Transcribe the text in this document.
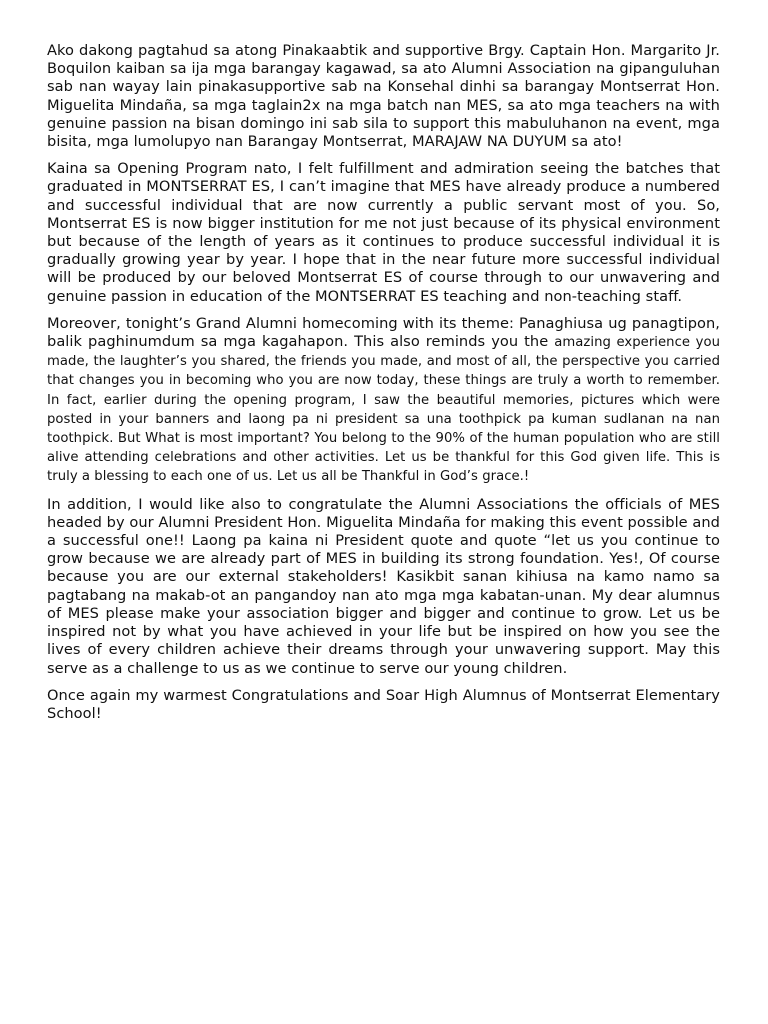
Ako dakong pagtahud sa atong Pinakaabtik and supportive Brgy. Captain Hon. Margarito Jr. Boquilon kaiban sa ija mga barangay kagawad, sa ato Alumni Association na gipanguluhan sab nan wayay lain pinakasupportive sab na Konsehal dinhi sa barangay Montserrat Hon. Miguelita Mindaña, sa mga taglain2x na mga batch nan MES, sa ato mga teachers na with genuine passion na bisan domingo ini sab sila to support this mabuluhanon na event, mga bisita, mga lumolupyo nan Barangay Montserrat, MARAJAW NA DUYUM sa ato!

Kaina sa Opening Program nato, I felt fulfillment and admiration seeing the batches that graduated in MONTSERRAT ES, I can’t imagine that MES have already produce a numbered and successful individual that are now currently a public servant most of you. So, Montserrat ES is now bigger institution for me not just because of its physical environment but because of the length of years as it continues to produce successful individual it is gradually growing year by year. I hope that in the near future more successful individual will be produced by our beloved Montserrat ES of course through to our unwavering and genuine passion in education of the MONTSERRAT ES teaching and non-teaching staff.

Moreover, tonight’s Grand Alumni homecoming with its theme: Panaghiusa ug panagtipon, balik paghinumdum sa mga kagahapon. This also reminds you the amazing experience you made, the laughter’s you shared, the friends you made, and most of all, the perspective you carried that changes you in becoming who you are now today, these things are truly a worth to remember. In fact, earlier during the opening program, I saw the beautiful memories, pictures which were posted in your banners and laong pa ni president sa una toothpick pa kuman sudlanan na nan toothpick. But What is most important? You belong to the 90% of the human population who are still alive attending celebrations and other activities. Let us be thankful for this God given life. This is truly a blessing to each one of us. Let us all be Thankful in God’s grace.!

In addition, I would like also to congratulate the Alumni Associations the officials of MES headed by our Alumni President Hon. Miguelita Mindaña for making this event possible and a successful one!! Laong pa kaina ni President quote and quote “let us you continue to grow because we are already part of MES in building its strong foundation. Yes!, Of course because you are our external stakeholders! Kasikbit sanan kihiusa na kamo namo sa pagtabang na makab-ot an pangandoy nan ato mga mga kabatan-unan. My dear alumnus of MES please make your association bigger and bigger and continue to grow. Let us be inspired not by what you have achieved in your life but be inspired on how you see the lives of every children achieve their dreams through your unwavering support. May this serve as a challenge to us as we continue to serve our young children.

Once again my warmest Congratulations and Soar High Alumnus of Montserrat Elementary School!
